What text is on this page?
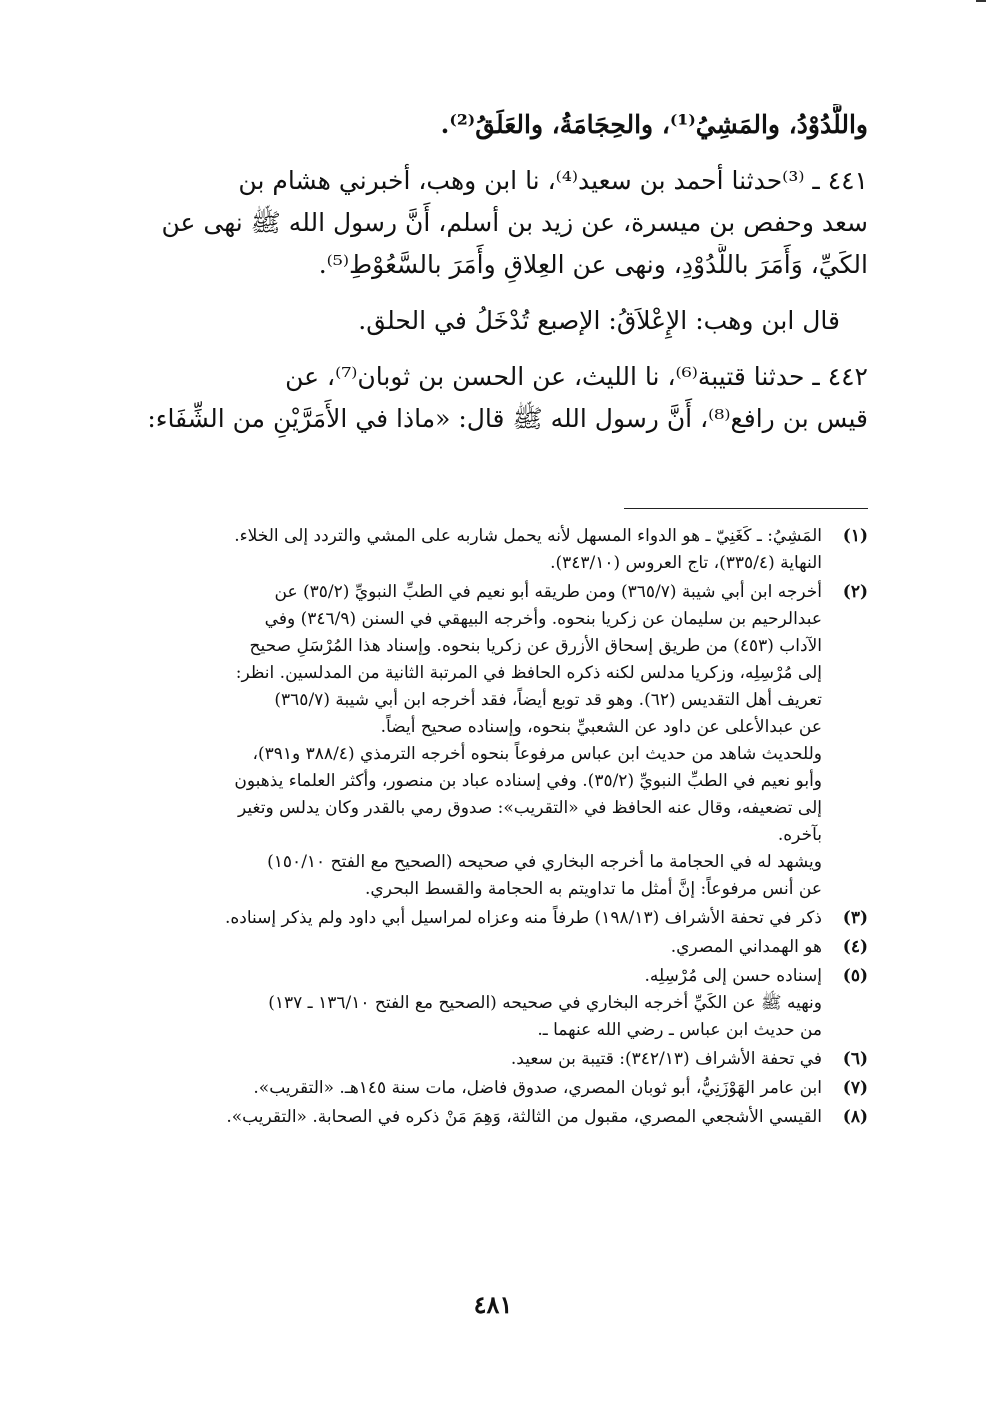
واللَّدُوْدُ، والمَشِيُ⁽¹⁾، والحِجَامَةُ، والعَلَقُ⁽²⁾.
٤٤١ ـ ⁽³⁾حدثنا أحمد بن سعيد⁽⁴⁾، نا ابن وهب، أخبرني هشام بن
سعد وحفص بن ميسرة، عن زيد بن أسلم، أَنَّ رسول الله ﷺ نهى عن
الكَيِّ، وَأَمَرَ باللَّدُوْدِ، ونهى عن العِلاقِ وأَمَرَ بالسَّعُوْطِ⁽⁵⁾.
قال ابن وهب: الإِعْلاَقُ: الإصبع تُدْخَلُ في الحلق.
٤٤٢ ـ حدثنا قتيبة⁽⁶⁾، نا الليث، عن الحسن بن ثوبان⁽⁷⁾، عن
قيس بن رافع⁽⁸⁾، أَنَّ رسول الله ﷺ قال: «ماذا في الأَمَرَّيْنِ من الشِّفَاء:
(١)
المَشِيُ: ـ كَغَنِيّ ـ هو الدواء المسهل لأنه يحمل شاربه على المشي والتردد إلى الخلاء.
النهاية (٣٣٥/٤)، تاج العروس (٣٤٣/١٠).
(٢)
أخرجه ابن أبي شيبة (٣٦٥/٧) ومن طريقه أبو نعيم في الطبِّ النبويِّ (٣٥/٢) عن
عبدالرحيم بن سليمان عن زكريا بنحوه. وأخرجه البيهقي في السنن (٣٤٦/٩) وفي
الآداب (٤٥٣) من طريق إسحاق الأزرق عن زكريا بنحوه. وإسناد هذا المُرْسَلِ صحيح
إلى مُرْسِلِه، وزكريا مدلس لكنه ذكره الحافظ في المرتبة الثانية من المدلسين. انظر:
تعريف أهل التقديس (٦٢). وهو قد توبع أيضاً، فقد أخرجه ابن أبي شيبة (٣٦٥/٧)
عن عبدالأعلى عن داود عن الشعبيِّ بنحوه، وإسناده صحيح أيضاً.
وللحديث شاهد من حديث ابن عباس مرفوعاً بنحوه أخرجه الترمذي (٣٨٨/٤ و٣٩١)،
وأبو نعيم في الطبِّ النبويِّ (٣٥/٢). وفي إسناده عباد بن منصور، وأكثر العلماء يذهبون
إلى تضعيفه، وقال عنه الحافظ في «التقريب»: صدوق رمي بالقدر وكان يدلس وتغير
بآخره.
ويشهد له في الحجامة ما أخرجه البخاري في صحيحه (الصحيح مع الفتح ١٥٠/١٠)
عن أنس مرفوعاً: إنَّ أمثل ما تداويتم به الحجامة والقسط البحري.
(٣)
ذكر في تحفة الأشراف (١٩٨/١٣) طرفاً منه وعزاه لمراسيل أبي داود ولم يذكر إسناده.
(٤)
هو الهمداني المصري.
(٥)
إسناده حسن إلى مُرْسِلِه.
ونهيه ﷺ عن الكَيِّ أخرجه البخاري في صحيحه (الصحيح مع الفتح ١٣٦/١٠ ـ ١٣٧)
من حديث ابن عباس ـ رضي الله عنهما ـ.
(٦)
في تحفة الأشراف (٣٤٢/١٣): قتيبة بن سعيد.
(٧)
ابن عامر الهَوْزَنِيُّ، أبو ثوبان المصري، صدوق فاضل، مات سنة ١٤٥هـ. «التقريب».
(٨)
القيسي الأشجعي المصري، مقبول من الثالثة، وَهِمَ مَنْ ذكره في الصحابة. «التقريب».
٤٨١
